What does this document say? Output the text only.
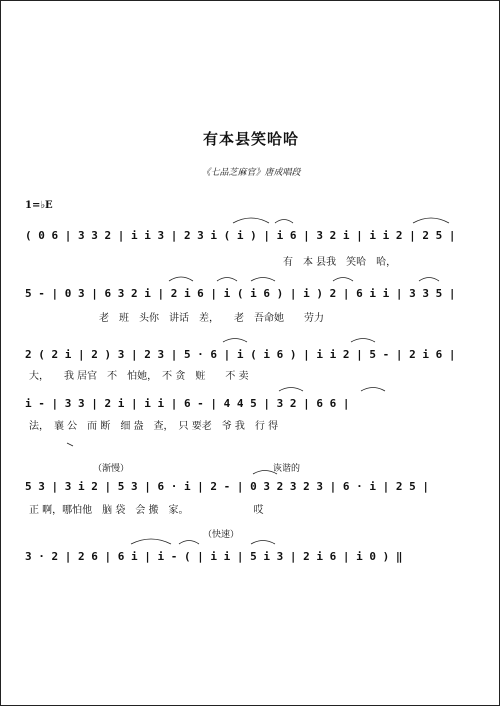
有本县笑哈哈
《七品芝麻官》唐成唱段
1=♭E
( 0 6 | 3 3 2 | i i 3 | 2 3 i ( i ) | i 6 | 3 2 i | i i 2 | 2 5 |
有　本 县我　笑哈　哈，
5 - | 0 3 | 6 3 2 i | 2 i 6 | i ( i 6 ) | i ) 2 | 6 i i | 3 3 5 |
老　班　头你　讲话　差，　　老　吾命她　　劳力
2 ( 2 i | 2 ) 3 | 2 3 | 5 · 6 | i ( i 6 ) | i i 2 | 5 - | 2 i 6 |
大，　　我 居官　不　怕她，　不 贪　赃　　不 卖
i - | 3 3 | 2 i | i i | 6 - | 4 4 5 | 3 2 | 6 6 |
法，　襄 公　而 断　细 盎　查，　只 要老　爷 我　行 得
（渐慢）	诙谐的
5 3 | 3 i 2 | 5 3 | 6 · i | 2 - | 0 3 2 3 2 3 | 6 · i | 2 5 |
正 啊，哪怕他　脑 袋　会 搬　家。　　　　　　　哎
（快速）
3 · 2 | 2 6 | 6 i | i - ( | i i | 5 i 3 | 2 i 6 | i 0 ) ‖
